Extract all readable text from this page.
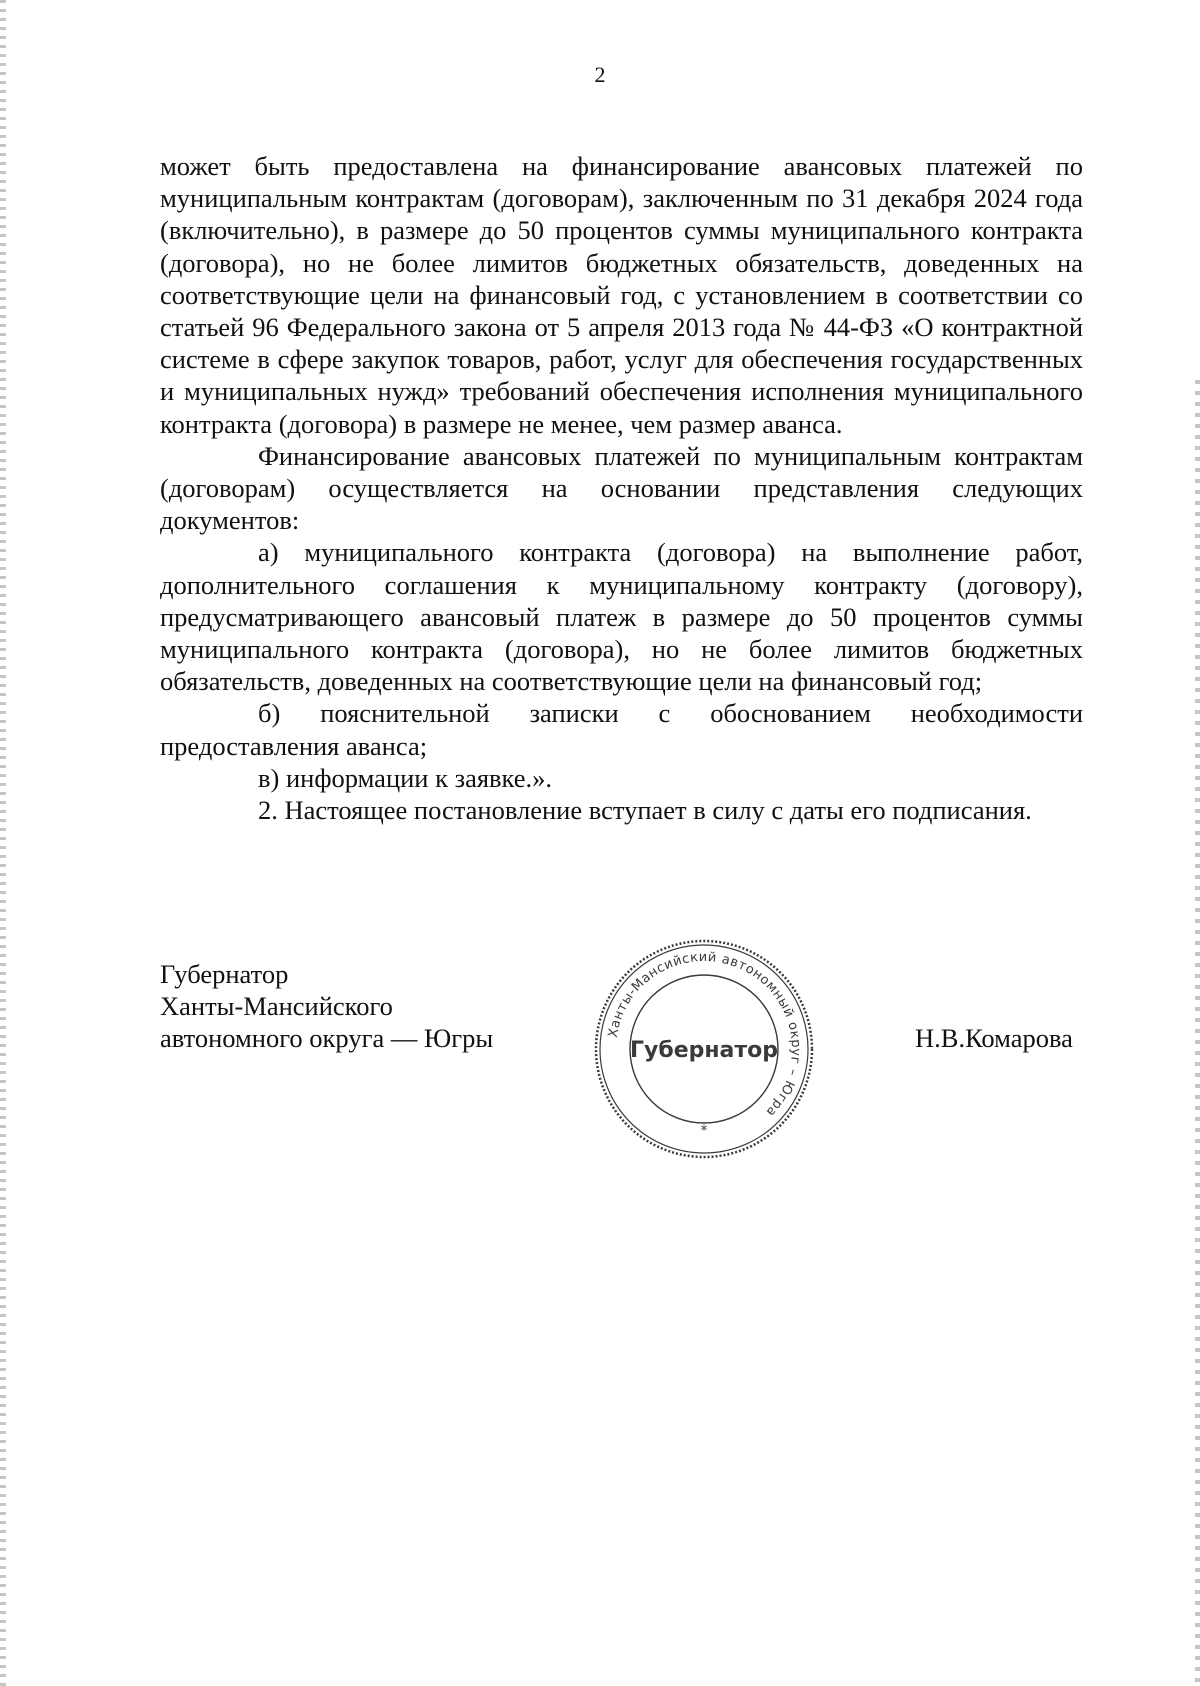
2

может быть предоставлена на финансирование авансовых платежей по муниципальным контрактам (договорам), заключенным по 31 декабря 2024 года (включительно), в размере до 50 процентов суммы муниципального контракта (договора), но не более лимитов бюджетных обязательств, доведенных на соответствующие цели на финансовый год, с установлением в соответствии со статьей 96 Федерального закона от 5 апреля 2013 года № 44-ФЗ «О контрактной системе в сфере закупок товаров, работ, услуг для обеспечения государственных и муниципальных нужд» требований обеспечения исполнения муниципального контракта (договора) в размере не менее, чем размер аванса.

Финансирование авансовых платежей по муниципальным контрактам (договорам) осуществляется на основании представления следующих документов:

а) муниципального контракта (договора) на выполнение работ, дополнительного соглашения к муниципальному контракту (договору), предусматривающего авансовый платеж в размере до 50 процентов суммы муниципального контракта (договора), но не более лимитов бюджетных обязательств, доведенных на соответствующие цели на финансовый год;

б) пояснительной записки с обоснованием необходимости предоставления аванса;

в) информации к заявке.».

2. Настоящее постановление вступает в силу с даты его подписания.

Губернатор
Ханты-Мансийского
автономного округа — Югры	Ханты-Мансийский автономный округ – Югра
Губернатор
*
Н.В.Комарова
